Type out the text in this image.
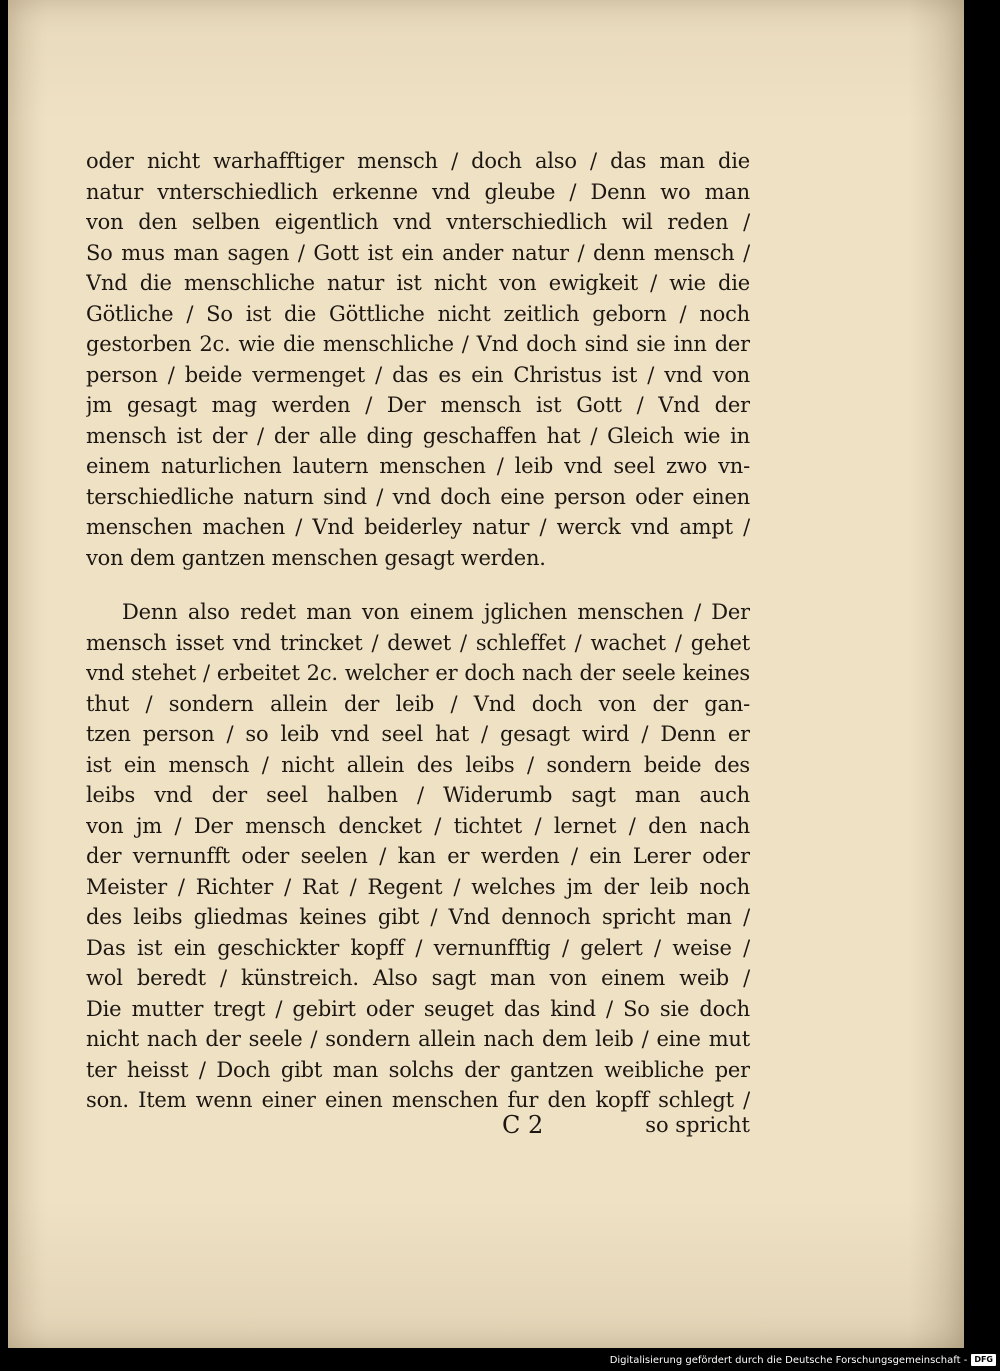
oder nicht warhafftiger mensch / doch also / das man die
natur vnterschiedlich erkenne vnd gleube / Denn wo man
von den selben eigentlich vnd vnterschiedlich wil reden /
So mus man sagen / Gott ist ein ander natur / denn mensch /
Vnd die menschliche natur ist nicht von ewigkeit / wie die
Götliche / So ist die Göttliche nicht zeitlich geborn / noch
gestorben 2c. wie die menschliche / Vnd doch sind sie inn der
person / beide vermenget / das es ein Christus ist / vnd von
jm gesagt mag werden / Der mensch ist Gott / Vnd der
mensch ist der / der alle ding geschaffen hat / Gleich wie in
einem naturlichen lautern menschen / leib vnd seel zwo vn-
terschiedliche naturn sind / vnd doch eine person oder einen
menschen machen / Vnd beiderley natur / werck vnd ampt /
von dem gantzen menschen gesagt werden.
Denn also redet man von einem jglichen menschen / Der
mensch isset vnd trincket / dewet / schleffet / wachet / gehet
vnd stehet / erbeitet 2c. welcher er doch nach der seele keines
thut / sondern allein der leib / Vnd doch von der gan-
tzen person / so leib vnd seel hat / gesagt wird / Denn er
ist ein mensch / nicht allein des leibs / sondern beide des
leibs vnd der seel halben / Widerumb sagt man auch
von jm / Der mensch dencket / tichtet / lernet / den nach
der vernunfft oder seelen / kan er werden / ein Lerer oder
Meister / Richter / Rat / Regent / welches jm der leib noch
des leibs gliedmas keines gibt / Vnd dennoch spricht man /
Das ist ein geschickter kopff / vernunfftig / gelert / weise /
wol beredt / künstreich. Also sagt man von einem weib /
Die mutter tregt / gebirt oder seuget das kind / So sie doch
nicht nach der seele / sondern allein nach dem leib / eine mut
ter heisst / Doch gibt man solchs der gantzen weibliche per
son. Item wenn einer einen menschen fur den kopff schlegt /
C 2	so spricht
Digitalisierung gefördert durch die Deutsche Forschungsgemeinschaft - DFG
